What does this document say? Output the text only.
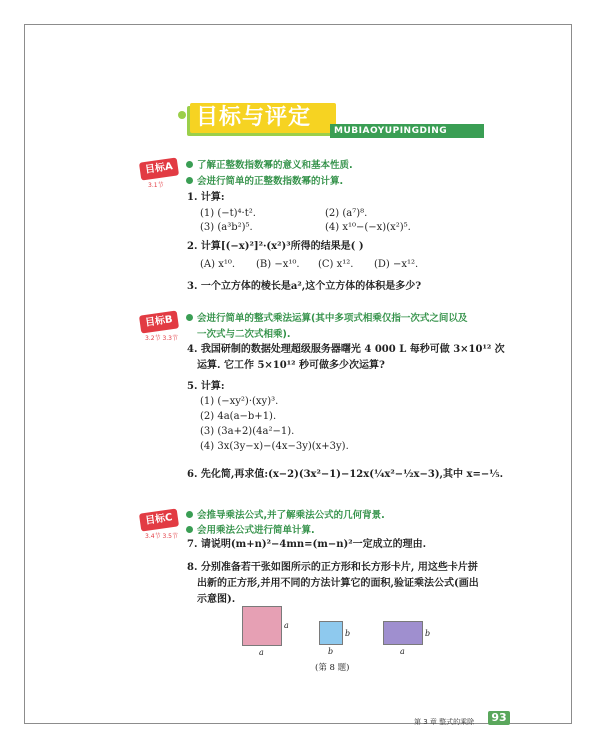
目标与评定
MUBIAOYUPINGDING
目标A
3.1节
了解正整数指数幂的意义和基本性质.
会进行简单的正整数指数幂的计算.
1. 计算:
(1) (−t)⁴·t².	(2) (a⁷)⁸.
(3) (a³b²)⁵.	(4) x¹⁰−(−x)(x²)⁵.
2. 计算[(−x)²]²·(x²)³所得的结果是( )
(A) x¹⁰. (B) −x¹⁰. (C) x¹². (D) −x¹².
3. 一个立方体的棱长是a²,这个立方体的体积是多少?
目标B
3.2节 3.3节
会进行简单的整式乘法运算(其中多项式相乘仅指一次式之间以及
一次式与二次式相乘).
4. 我国研制的数据处理超级服务器曙光 4 000 L 每秒可做 3×10¹² 次
运算. 它工作 5×10¹² 秒可做多少次运算?
5. 计算:
(1) (−xy²)·(xy)³.
(2) 4a(a−b+1).
(3) (3a+2)(4a²−1).
(4) 3x(3y−x)−(4x−3y)(x+3y).
6. 先化简,再求值:(x−2)(3x²−1)−12x(¼x²−½x−3),其中 x=−⅕.
目标C
3.4节 3.5节
会推导乘法公式,并了解乘法公式的几何背景.
会用乘法公式进行简单计算.
7. 请说明(m+n)²−4mn=(m−n)²一定成立的理由.
8. 分别准备若干张如图所示的正方形和长方形卡片, 用这些卡片拼
出新的正方形,并用不同的方法计算它的面积,验证乘法公式(画出
示意图).
a
a
b
b
b
a
(第 8 题)
第 3 章 整式的乘除	93
